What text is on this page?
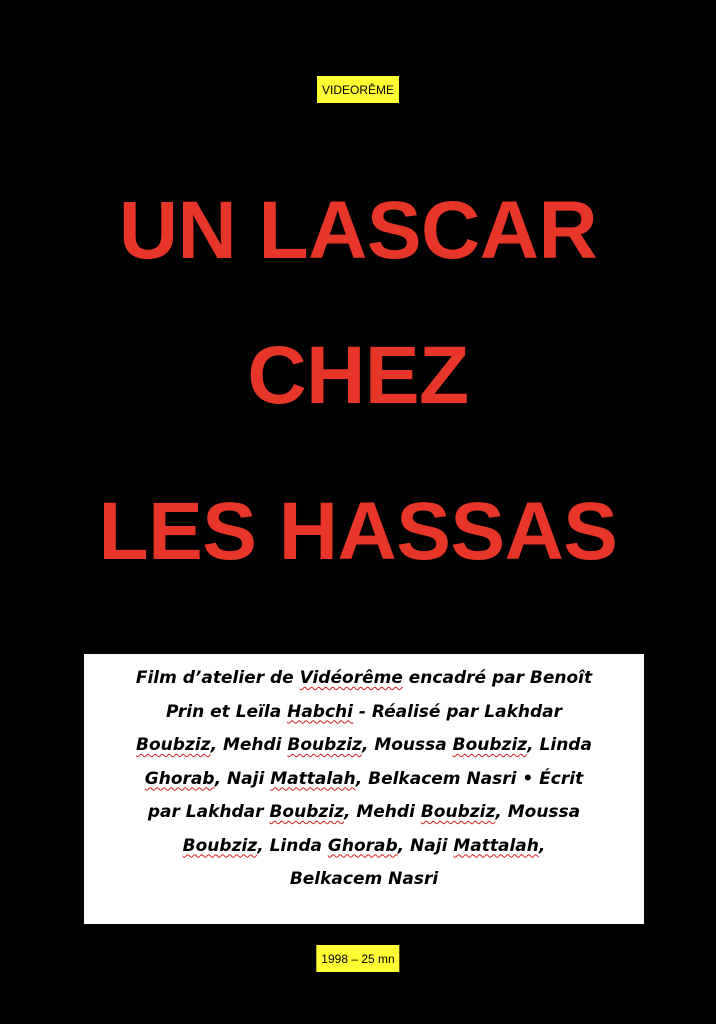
VIDEORÊME
UN LASCAR
CHEZ
LES HASSAS
Film d’atelier de Vidéorême encadré par Benoît
Prin et Leïla Habchi - Réalisé par Lakhdar
Boubziz, Mehdi Boubziz, Moussa Boubziz, Linda
Ghorab, Naji Mattalah, Belkacem Nasri • Écrit
par Lakhdar Boubziz, Mehdi Boubziz, Moussa
Boubziz, Linda Ghorab, Naji Mattalah,
Belkacem Nasri
1998 – 25 mn
